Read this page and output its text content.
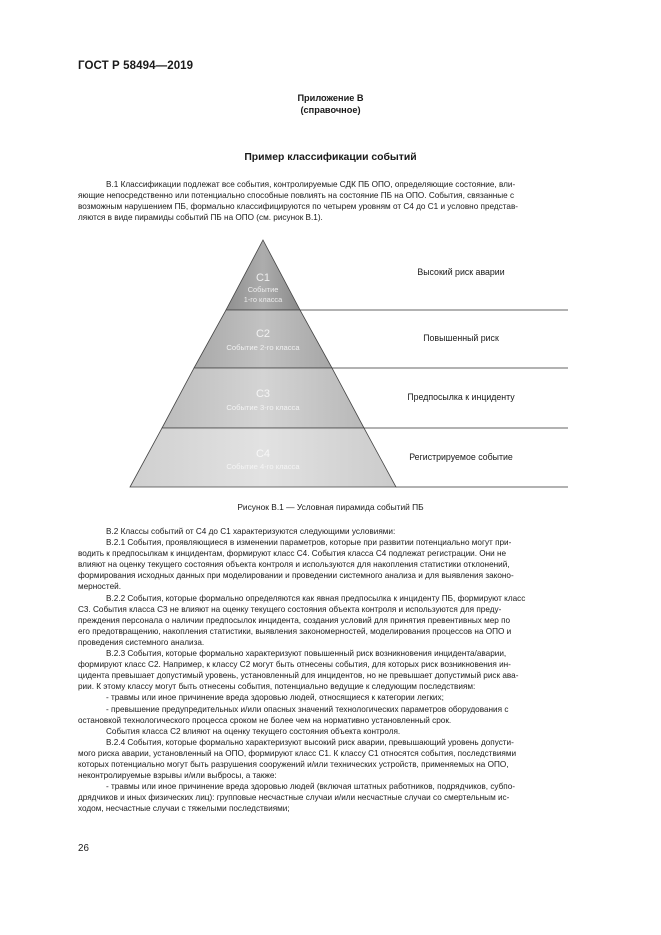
ГОСТ Р 58494—2019
Приложение В
(справочное)
Пример классификации событий

В.1 Классификации подлежат все события, контролируемые СДК ПБ ОПО, определяющие состояние, вли-
яющие непосредственно или потенциально способные повлиять на состояние ПБ на ОПО. События, связанные с
возможным нарушением ПБ, формально классифицируются по четырем уровням от С4 до С1 и условно представ-
ляются в виде пирамиды событий ПБ на ОПО (см. рисунок В.1).

С1
Событие
1-го класса
С2
Событие 2-го класса
С3
Событие 3-го класса
С4
Событие 4-го класса
Высокий риск аварии
Повышенный риск
Предпосылка к инциденту
Регистрируемое событие
Рисунок В.1 — Условная пирамида событий ПБ

В.2 Классы событий от С4 до С1 характеризуются следующими условиями:

В.2.1 События, проявляющиеся в изменении параметров, которые при развитии потенциально могут при-
водить к предпосылкам к инцидентам, формируют класс С4. События класса С4 подлежат регистрации. Они не
влияют на оценку текущего состояния объекта контроля и используются для накопления статистики отклонений,
формирования исходных данных при моделировании и проведении системного анализа и для выявления законо-
мерностей.

В.2.2 События, которые формально определяются как явная предпосылка к инциденту ПБ, формируют класс
С3. События класса С3 не влияют на оценку текущего состояния объекта контроля и используются для преду-
преждения персонала о наличии предпосылок инцидента, создания условий для принятия превентивных мер по
его предотвращению, накопления статистики, выявления закономерностей, моделирования процессов на ОПО и
проведения системного анализа.

В.2.3 События, которые формально характеризуют повышенный риск возникновения инцидента/аварии,
формируют класс С2. Например, к классу С2 могут быть отнесены события, для которых риск возникновения ин-
цидента превышает допустимый уровень, установленный для инцидентов, но не превышает допустимый риск ава-
рии. К этому классу могут быть отнесены события, потенциально ведущие к следующим последствиям:

- травмы или иное причинение вреда здоровью людей, относящиеся к категории легких;

- превышение предупредительных и/или опасных значений технологических параметров оборудования с
остановкой технологического процесса сроком не более чем на нормативно установленный срок.

События класса С2 влияют на оценку текущего состояния объекта контроля.

В.2.4 События, которые формально характеризуют высокий риск аварии, превышающий уровень допусти-
мого риска аварии, установленный на ОПО, формируют класс С1. К классу С1 относятся события, последствиями
которых потенциально могут быть разрушения сооружений и/или технических устройств, применяемых на ОПО,
неконтролируемые взрывы и/или выбросы, а также:

- травмы или иное причинение вреда здоровью людей (включая штатных работников, подрядчиков, субпо-
дрядчиков и иных физических лиц): групповые несчастные случаи и/или несчастные случаи со смертельным ис-
ходом, несчастные случаи с тяжелыми последствиями;

26
